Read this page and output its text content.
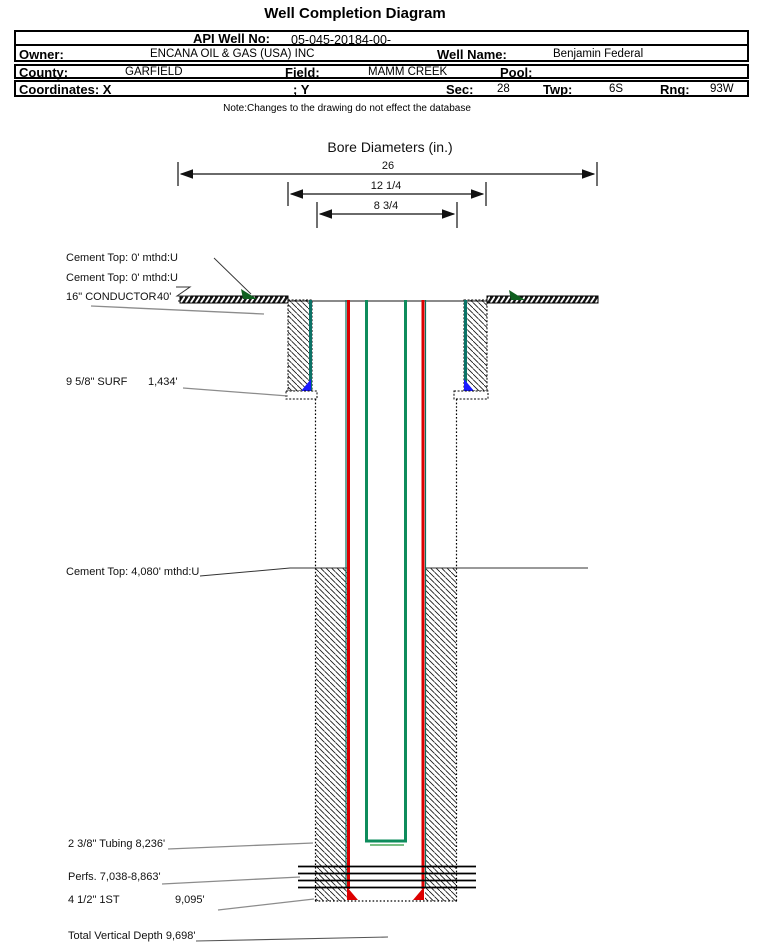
Well Completion Diagram
API Well No: 05-045-20184-00-
Owner:	ENCANA OIL & GAS (USA) INC	Well Name:	Benjamin Federal
County:	GARFIELD	Field:	MAMM CREEK	Pool:
Coordinates: X	; Y	Sec: 28	Twp:	6S	Rng: 93W
Note:Changes to the drawing do not effect the database
Bore Diameters (in.)
26
12 1/4
8 3/4
Cement Top: 0' mthd:U
Cement Top: 0' mthd:U
16" CONDUCTOR 40'
9 5/8" SURF 1,434'
Cement Top: 4,080' mthd:U
2 3/8" Tubing 8,236'
Perfs. 7,038-8,863'
4 1/2" 1ST	9,095'
Total Vertical Depth 9,698'
